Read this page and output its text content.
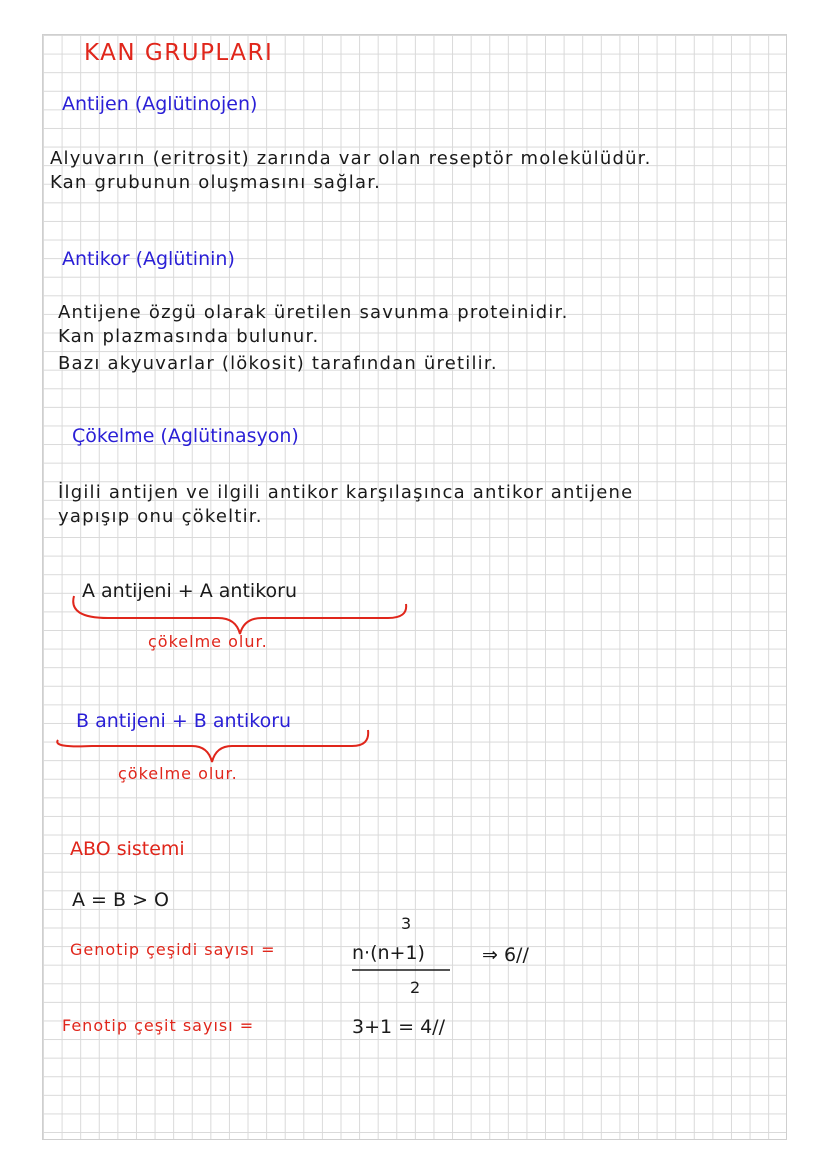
KAN GRUPLARI
Antijen (Aglütinojen)
Alyuvarın (eritrosit) zarında var olan reseptör molekülüdür.
Kan grubunun oluşmasını sağlar.
Antikor (Aglütinin)
Antijene özgü olarak üretilen savunma proteinidir.
Kan plazmasında bulunur.
Bazı akyuvarlar (lökosit) tarafından üretilir.
Çökelme (Aglütinasyon)
İlgili antijen ve ilgili antikor karşılaşınca antikor antijene
yapışıp onu çökeltir.
A antijeni + A antikoru
çökelme olur.
B antijeni + B antikoru
çökelme olur.
ABO sistemi
A = B > O
Genotip çeşidi sayısı =	n·(n+1)
3
2
⇒ 6//
Fenotip çeşit sayısı =	3+1 = 4//
